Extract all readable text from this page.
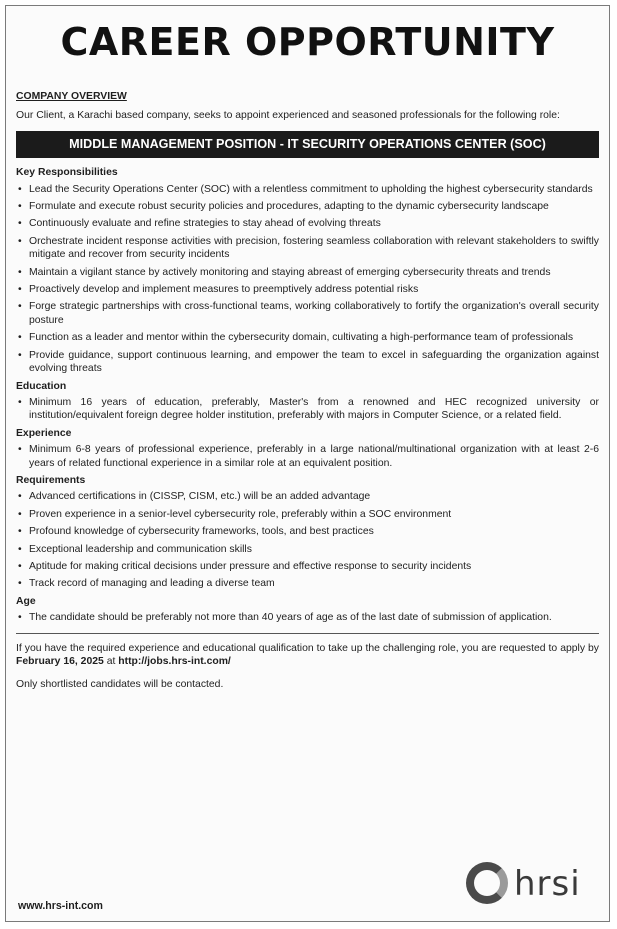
CAREER OPPORTUNITY
COMPANY OVERVIEW
Our Client, a Karachi based company, seeks to appoint experienced and seasoned professionals for the following role:
MIDDLE MANAGEMENT POSITION - IT SECURITY OPERATIONS CENTER (SOC)
Key Responsibilities
• Lead the Security Operations Center (SOC) with a relentless commitment to upholding the highest cybersecurity standards
• Formulate and execute robust security policies and procedures, adapting to the dynamic cybersecurity landscape
• Continuously evaluate and refine strategies to stay ahead of evolving threats
• Orchestrate incident response activities with precision, fostering seamless collaboration with relevant stakeholders to swiftly mitigate and recover from security incidents
• Maintain a vigilant stance by actively monitoring and staying abreast of emerging cybersecurity threats and trends
• Proactively develop and implement measures to preemptively address potential risks
• Forge strategic partnerships with cross-functional teams, working collaboratively to fortify the organization's overall security posture
• Function as a leader and mentor within the cybersecurity domain, cultivating a high-performance team of professionals
• Provide guidance, support continuous learning, and empower the team to excel in safeguarding the organization against evolving threats
Education
• Minimum 16 years of education, preferably, Master's from a renowned and HEC recognized university or institution/equivalent foreign degree holder institution, preferably with majors in Computer Science, or a related field.
Experience
• Minimum 6-8 years of professional experience, preferably in a large national/multinational organization with at least 2-6 years of related functional experience in a similar role at an equivalent position.
Requirements
• Advanced certifications in (CISSP, CISM, etc.) will be an added advantage
• Proven experience in a senior-level cybersecurity role, preferably within a SOC environment
• Profound knowledge of cybersecurity frameworks, tools, and best practices
• Exceptional leadership and communication skills
• Aptitude for making critical decisions under pressure and effective response to security incidents
• Track record of managing and leading a diverse team
Age
• The candidate should be preferably not more than 40 years of age as of the last date of submission of application.
If you have the required experience and educational qualification to take up the challenging role, you are requested to apply by February 16, 2025 at http://jobs.hrs-int.com/
Only shortlisted candidates will be contacted.
www.hrs-int.com
hrsi
